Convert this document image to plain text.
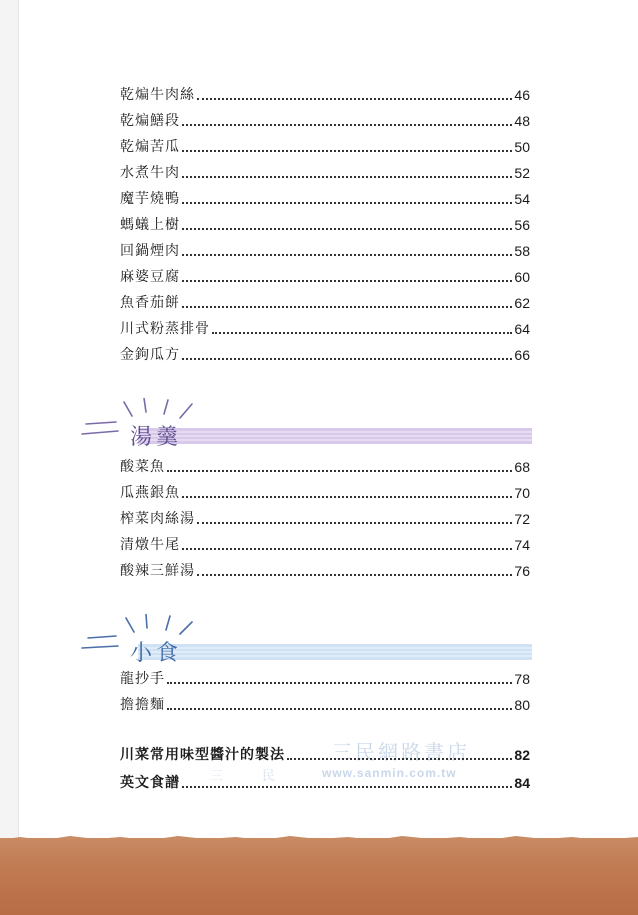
乾煸牛肉絲	46
乾煸鱔段	48
乾煸苦瓜	50
水煮牛肉	52
魔芋燒鴨	54
螞蟻上樹	56
回鍋煙肉	58
麻婆豆腐	60
魚香茄餅	62
川式粉蒸排骨	64
金鉤瓜方	66
湯羹
酸菜魚	68
瓜燕銀魚	70
榨菜肉絲湯	72
清燉牛尾	74
酸辣三鮮湯	76
小食
龍抄手	78
擔擔麵	80
三民網路書店
www.sanmin.com.tw
三	民
川菜常用味型醬汁的製法	82
英文食譜	84
